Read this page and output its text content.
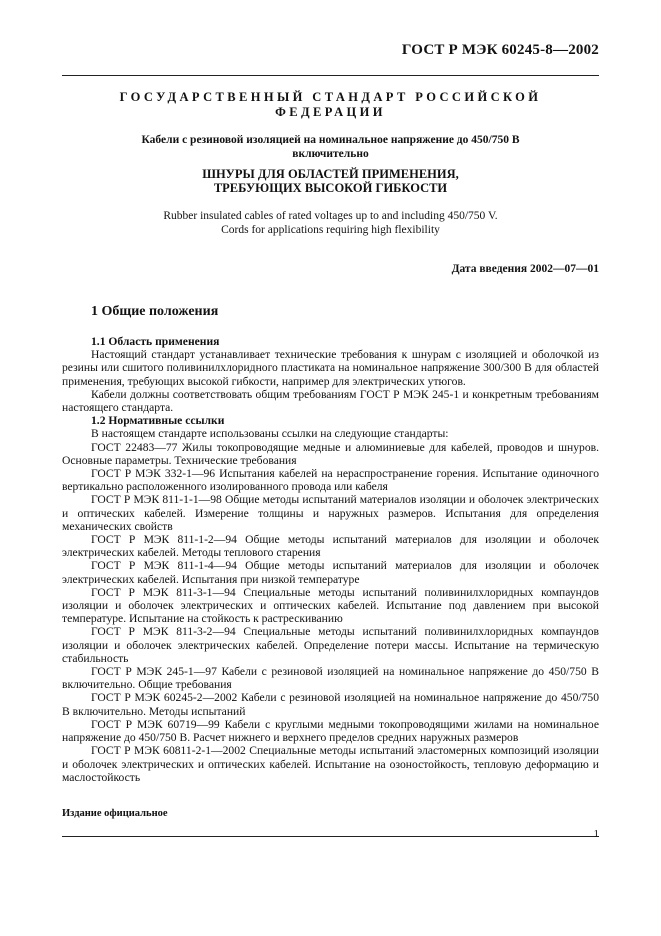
ГОСТ Р МЭК 60245-8—2002
ГОСУДАРСТВЕННЫЙ СТАНДАРТ РОССИЙСКОЙ ФЕДЕРАЦИИ
Кабели с резиновой изоляцией на номинальное напряжение до 450/750 В
включительно
ШНУРЫ ДЛЯ ОБЛАСТЕЙ ПРИМЕНЕНИЯ,
ТРЕБУЮЩИХ ВЫСОКОЙ ГИБКОСТИ
Rubber insulated cables of rated voltages up to and including 450/750 V.
Cords for applications requiring high flexibility
Дата введения 2002—07—01
1 Общие положения

1.1 Область применения

Настоящий стандарт устанавливает технические требования к шнурам с изоляцией и оболочкой из резины или сшитого поливинилхлоридного пластиката на номинальное напряжение 300/300 В для областей применения, требующих высокой гибкости, например для электрических утюгов.

Кабели должны соответствовать общим требованиям ГОСТ Р МЭК 245-1 и конкретным требованиям настоящего стандарта.

1.2 Нормативные ссылки

В настоящем стандарте использованы ссылки на следующие стандарты:

ГОСТ 22483—77 Жилы токопроводящие медные и алюминиевые для кабелей, проводов и шнуров. Основные параметры. Технические требования

ГОСТ Р МЭК 332-1—96 Испытания кабелей на нераспространение горения. Испытание одиночного вертикально расположенного изолированного провода или кабеля

ГОСТ Р МЭК 811-1-1—98 Общие методы испытаний материалов изоляции и оболочек электрических и оптических кабелей. Измерение толщины и наружных размеров. Испытания для определения механических свойств

ГОСТ Р МЭК 811-1-2—94 Общие методы испытаний материалов для изоляции и оболочек электрических кабелей. Методы теплового старения

ГОСТ Р МЭК 811-1-4—94 Общие методы испытаний материалов для изоляции и оболочек электрических кабелей. Испытания при низкой температуре

ГОСТ Р МЭК 811-3-1—94 Специальные методы испытаний поливинилхлоридных компаундов изоляции и оболочек электрических и оптических кабелей. Испытание под давлением при высокой температуре. Испытание на стойкость к растрескиванию

ГОСТ Р МЭК 811-3-2—94 Специальные методы испытаний поливинилхлоридных компаундов изоляции и оболочек электрических кабелей. Определение потери массы. Испытание на термическую стабильность

ГОСТ Р МЭК 245-1—97 Кабели с резиновой изоляцией на номинальное напряжение до 450/750 В включительно. Общие требования

ГОСТ Р МЭК 60245-2—2002 Кабели с резиновой изоляцией на номинальное напряжение до 450/750 В включительно. Методы испытаний

ГОСТ Р МЭК 60719—99 Кабели с круглыми медными токопроводящими жилами на номинальное напряжение до 450/750 В. Расчет нижнего и верхнего пределов средних наружных размеров

ГОСТ Р МЭК 60811-2-1—2002 Специальные методы испытаний эластомерных композиций изоляции и оболочек электрических и оптических кабелей. Испытание на озоностойкость, тепловую деформацию и маслостойкость

Издание официальное
1
